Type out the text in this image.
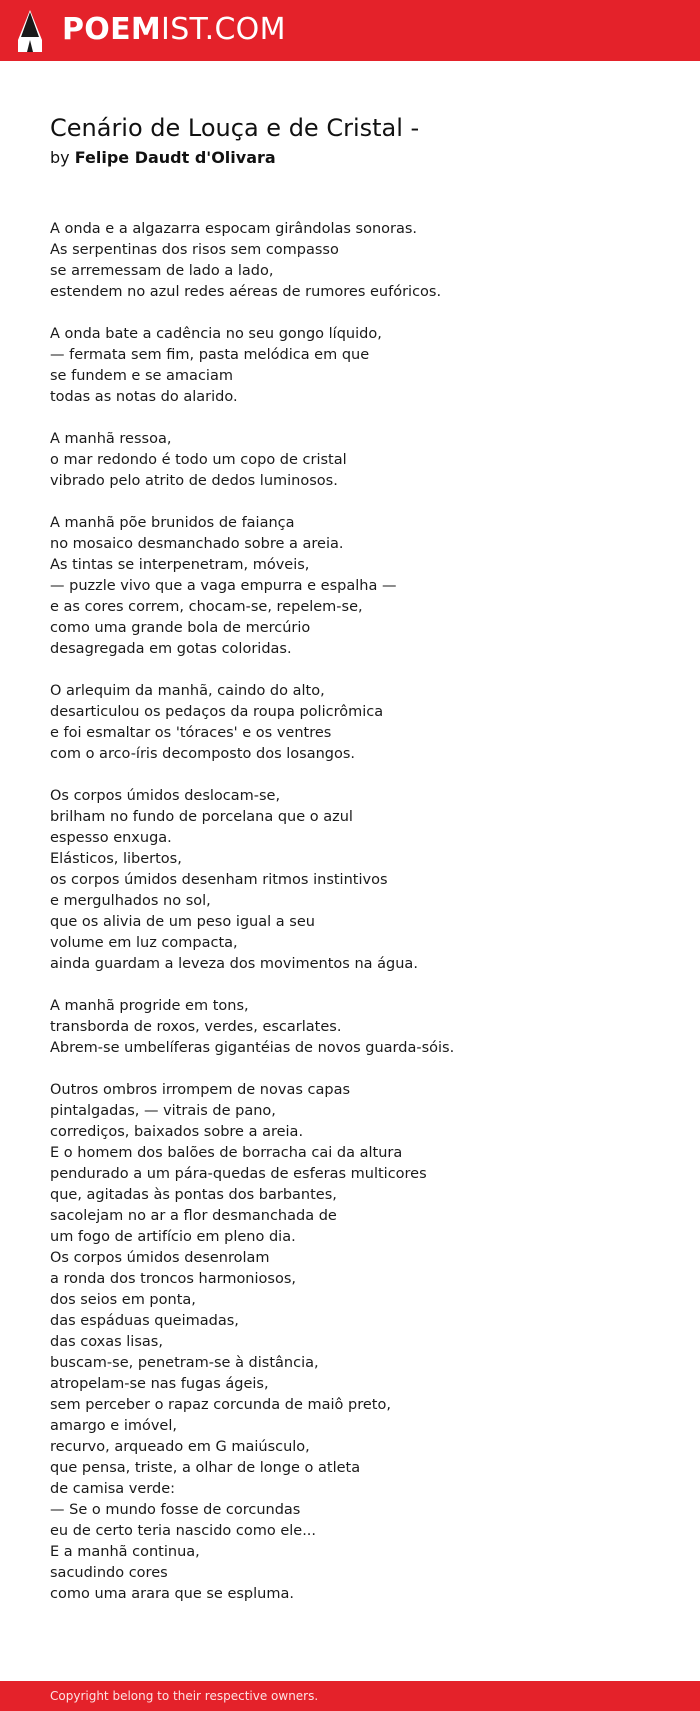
POEMIST.COM
Cenário de Louça e de Cristal -
by Felipe Daudt d'Olivara
A onda e a algazarra espocam girândolas sonoras.
As serpentinas dos risos sem compasso
se arremessam de lado a lado,
estendem no azul redes aéreas de rumores eufóricos.
A onda bate a cadência no seu gongo líquido,
— fermata sem fim, pasta melódica em que
se fundem e se amaciam
todas as notas do alarido.
A manhã ressoa,
o mar redondo é todo um copo de cristal
vibrado pelo atrito de dedos luminosos.
A manhã põe brunidos de faiança
no mosaico desmanchado sobre a areia.
As tintas se interpenetram, móveis,
— puzzle vivo que a vaga empurra e espalha —
e as cores correm, chocam-se, repelem-se,
como uma grande bola de mercúrio
desagregada em gotas coloridas.
O arlequim da manhã, caindo do alto,
desarticulou os pedaços da roupa policrômica
e foi esmaltar os 'tóraces' e os ventres
com o arco-íris decomposto dos losangos.
Os corpos úmidos deslocam-se,
brilham no fundo de porcelana que o azul
espesso enxuga.
Elásticos, libertos,
os corpos úmidos desenham ritmos instintivos
e mergulhados no sol,
que os alivia de um peso igual a seu
volume em luz compacta,
ainda guardam a leveza dos movimentos na água.
A manhã progride em tons,
transborda de roxos, verdes, escarlates.
Abrem-se umbelíferas gigantéias de novos guarda-sóis.
Outros ombros irrompem de novas capas
pintalgadas, — vitrais de pano,
corrediços, baixados sobre a areia.
E o homem dos balões de borracha cai da altura
pendurado a um pára-quedas de esferas multicores
que, agitadas às pontas dos barbantes,
sacolejam no ar a flor desmanchada de
um fogo de artifício em pleno dia.
Os corpos úmidos desenrolam
a ronda dos troncos harmoniosos,
dos seios em ponta,
das espáduas queimadas,
das coxas lisas,
buscam-se, penetram-se à distância,
atropelam-se nas fugas ágeis,
sem perceber o rapaz corcunda de maiô preto,
amargo e imóvel,
recurvo, arqueado em G maiúsculo,
que pensa, triste, a olhar de longe o atleta
de camisa verde:
— Se o mundo fosse de corcundas
eu de certo teria nascido como ele...
E a manhã continua,
sacudindo cores
como uma arara que se espluma.
Copyright belong to their respective owners.
